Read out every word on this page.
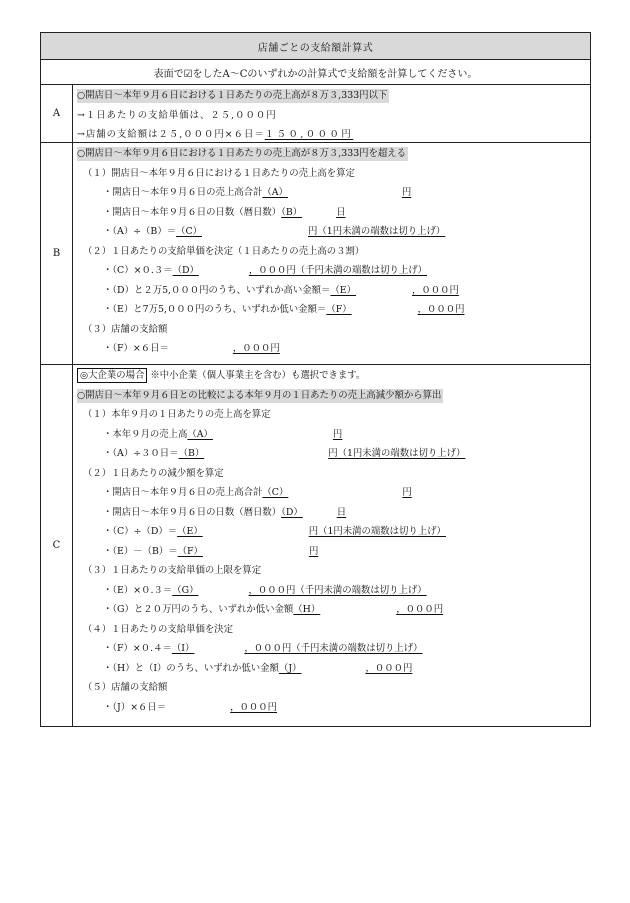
店舗ごとの支給額計算式
表面で☑をしたA～Cのいずれかの計算式で支給額を計算してください。
A
○開店日～本年９月６日における１日あたりの売上高が８万３,333円以下
→１日あたりの支給単価は、２５,０００円
→店舗の支給額は２５,０００円×６日＝１５０,０００円
B
○開店日～本年９月６日における１日あたりの売上高が８万３,333円を超える
（１）開店日～本年９月６日における１日あたりの売上高を算定
・開店日～本年９月６日の売上高合計（A）	円
・開店日～本年９月６日の日数（暦日数）（B）	日
・（A）÷（B）＝（C）	円（1円未満の端数は切り上げ）
（２）１日あたりの支給単価を決定（１日あたりの売上高の３割）
・（C）×０.３＝（D）	，０００円（千円未満の端数は切り上げ）
・（D）と２万5,０００円のうち、いずれか高い金額＝（E）	，０００円
・（E）と7万5,０００円のうち、いずれか低い金額＝（F）	，０００円
（３）店舗の支給額
・（F）×６日＝	，０００円
C
◎大企業の場合 ※中小企業（個人事業主を含む）も選択できます。
○開店日～本年９月６日との比較による本年９月の１日あたりの売上高減少額から算出
（１）本年９月の１日あたりの売上高を算定
・本年９月の売上高（A）	円
・（A）÷３０日＝（B）	円（1円未満の端数は切り上げ）
（２）１日あたりの減少額を算定
・開店日～本年９月６日の売上高合計（C）	円
・開店日～本年９月６日の日数（暦日数）（D）	日
・（C）÷（D）＝（E）	円（1円未満の端数は切り上げ）
・（E）－（B）＝（F）	円
（３）１日あたりの支給単価の上限を算定
・（E）×０.３＝（G）	，０００円（千円未満の端数は切り上げ）
・（G）と２０万円のうち、いずれか低い金額（H）	，０００円
（４）１日あたりの支給単価を決定
・（F）×０.４＝（I）	，０００円（千円未満の端数は切り上げ）
・（H）と（I）のうち、いずれか低い金額（J）	，０００円
（５）店舗の支給額
・（J）×６日＝	，０００円
